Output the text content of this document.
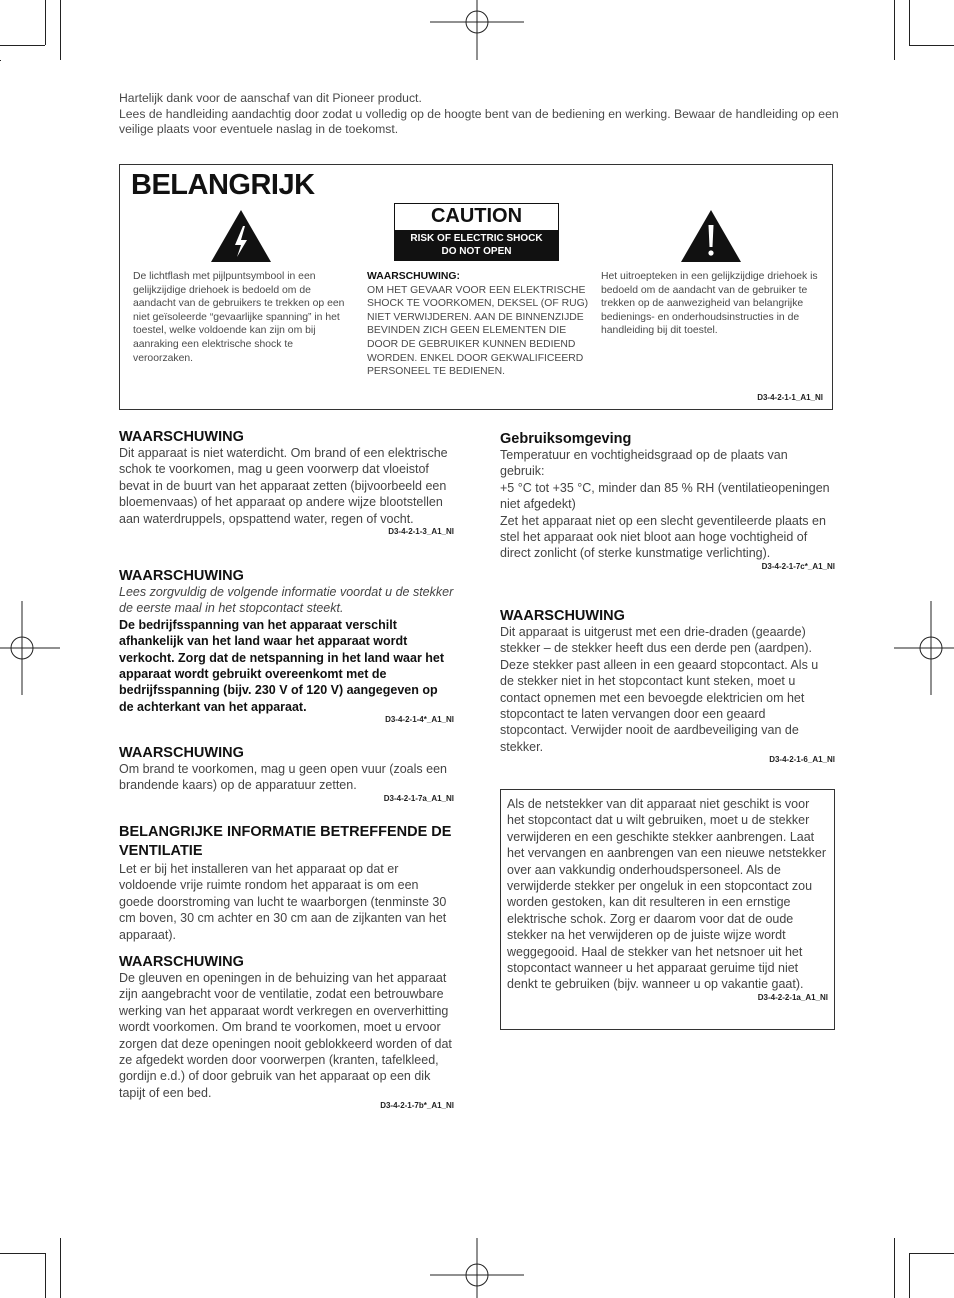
Hartelijk dank voor de aanschaf van dit Pioneer product.

Lees de handleiding aandachtig door zodat u volledig op de hoogte bent van de bediening en werking. Bewaar de handleiding op een veilige plaats voor eventuele naslag in de toekomst.

BELANGRIJK
CAUTION
RISK OF ELECTRIC SHOCK
DO NOT OPEN
De lichtflash met pijlpuntsymbool in een gelijkzijdige driehoek is bedoeld om de aandacht van de gebruikers te trekken op een niet geïsoleerde “gevaarlijke spanning” in het toestel, welke voldoende kan zijn om bij aanraking een elektrische shock te veroorzaken.
WAARSCHUWING:
OM HET GEVAAR VOOR EEN ELEKTRISCHE SHOCK TE VOORKOMEN, DEKSEL (OF RUG) NIET VERWIJDEREN. AAN DE BINNENZIJDE BEVINDEN ZICH GEEN ELEMENTEN DIE DOOR DE GEBRUIKER KUNNEN BEDIEND WORDEN. ENKEL DOOR GEKWALIFICEERD PERSONEEL TE BEDIENEN.
Het uitroepteken in een gelijkzijdige driehoek is bedoeld om de aandacht van de gebruiker te trekken op de aanwezigheid van belangrijke bedienings- en onderhoudsinstructies in de handleiding bij dit toestel.
D3-4-2-1-1_A1_Nl

WAARSCHUWING

Dit apparaat is niet waterdicht. Om brand of een elektrische schok te voorkomen, mag u geen voorwerp dat vloeistof bevat in de buurt van het apparaat zetten (bijvoorbeeld een bloemenvaas) of het apparaat op andere wijze blootstellen aan waterdruppels, opspattend water, regen of vocht.

D3-4-2-1-3_A1_Nl

WAARSCHUWING

Lees zorgvuldig de volgende informatie voordat u de stekker de eerste maal in het stopcontact steekt.

De bedrijfsspanning van het apparaat verschilt afhankelijk van het land waar het apparaat wordt verkocht. Zorg dat de netspanning in het land waar het apparaat wordt gebruikt overeenkomt met de bedrijfsspanning (bijv. 230 V of 120 V) aangegeven op de achterkant van het apparaat.

D3-4-2-1-4*_A1_Nl

WAARSCHUWING

Om brand te voorkomen, mag u geen open vuur (zoals een brandende kaars) op de apparatuur zetten.

D3-4-2-1-7a_A1_Nl

BELANGRIJKE INFORMATIE BETREFFENDE DE VENTILATIE

Let er bij het installeren van het apparaat op dat er voldoende vrije ruimte rondom het apparaat is om een goede doorstroming van lucht te waarborgen (tenminste 30 cm boven, 30 cm achter en 30 cm aan de zijkanten van het apparaat).

WAARSCHUWING

De gleuven en openingen in de behuizing van het apparaat zijn aangebracht voor de ventilatie, zodat een betrouwbare werking van het apparaat wordt verkregen en oververhitting wordt voorkomen. Om brand te voorkomen, moet u ervoor zorgen dat deze openingen nooit geblokkeerd worden of dat ze afgedekt worden door voorwerpen (kranten, tafelkleed, gordijn e.d.) of door gebruik van het apparaat op een dik tapijt of een bed.

D3-4-2-1-7b*_A1_Nl

Gebruiksomgeving

Temperatuur en vochtigheidsgraad op de plaats van gebruik:

+5 °C tot +35 °C, minder dan 85 % RH (ventilatieopeningen niet afgedekt)

Zet het apparaat niet op een slecht geventileerde plaats en stel het apparaat ook niet bloot aan hoge vochtigheid of direct zonlicht (of sterke kunstmatige verlichting).

D3-4-2-1-7c*_A1_Nl

WAARSCHUWING

Dit apparaat is uitgerust met een drie-draden (geaarde) stekker – de stekker heeft dus een derde pen (aardpen). Deze stekker past alleen in een geaard stopcontact. Als u de stekker niet in het stopcontact kunt steken, moet u contact opnemen met een bevoegde elektricien om het stopcontact te laten vervangen door een geaard stopcontact. Verwijder nooit de aardbeveiliging van de stekker.

D3-4-2-1-6_A1_Nl

Als de netstekker van dit apparaat niet geschikt is voor het stopcontact dat u wilt gebruiken, moet u de stekker verwijderen en een geschikte stekker aanbrengen. Laat het vervangen en aanbrengen van een nieuwe netstekker over aan vakkundig onderhoudspersoneel. Als de verwijderde stekker per ongeluk in een stopcontact zou worden gestoken, kan dit resulteren in een ernstige elektrische schok. Zorg er daarom voor dat de oude stekker na het verwijderen op de juiste wijze wordt weggegooid. Haal de stekker van het netsnoer uit het stopcontact wanneer u het apparaat geruime tijd niet denkt te gebruiken (bijv. wanneer u op vakantie gaat).

D3-4-2-2-1a_A1_Nl
